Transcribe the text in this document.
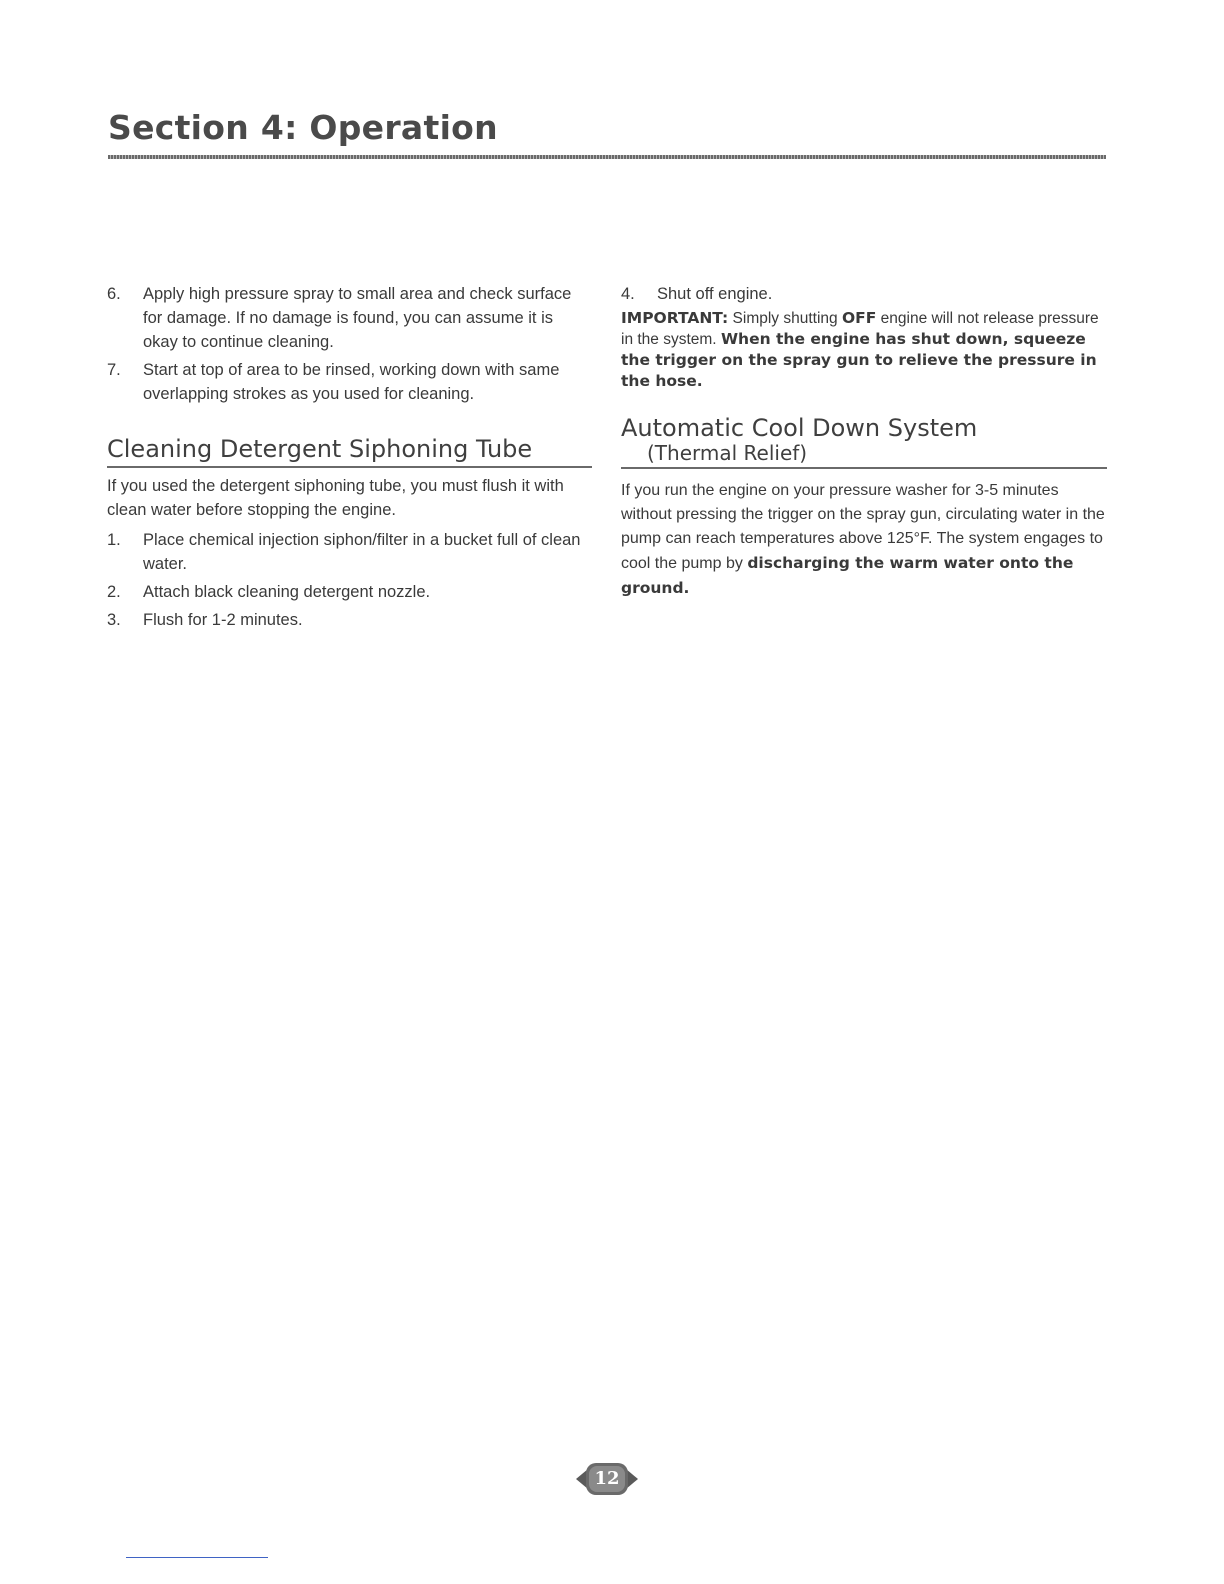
Section 4: Operation
6.	Apply high pressure spray to small area and check surface for damage. If no damage is found, you can assume it is okay to continue cleaning.
7.	Start at top of area to be rinsed, working down with same overlapping strokes as you used for cleaning.
Cleaning Detergent Siphoning Tube

If you used the detergent siphoning tube, you must flush it with clean water before stopping the engine.

1.	Place chemical injection siphon/filter in a bucket full of clean water.
2.	Attach black cleaning detergent nozzle.
3.	Flush for 1-2 minutes.
4.	Shut off engine.

IMPORTANT: Simply shutting OFF engine will not release pressure in the system. When the engine has shut down, squeeze the trigger on the spray gun to relieve the pressure in the hose.

Automatic Cool Down System
(Thermal Relief)

If you run the engine on your pressure washer for 3-5 minutes without pressing the trigger on the spray gun, circulating water in the pump can reach temperatures above 125°F. The system engages to cool the pump by discharging the warm water onto the ground.

12
